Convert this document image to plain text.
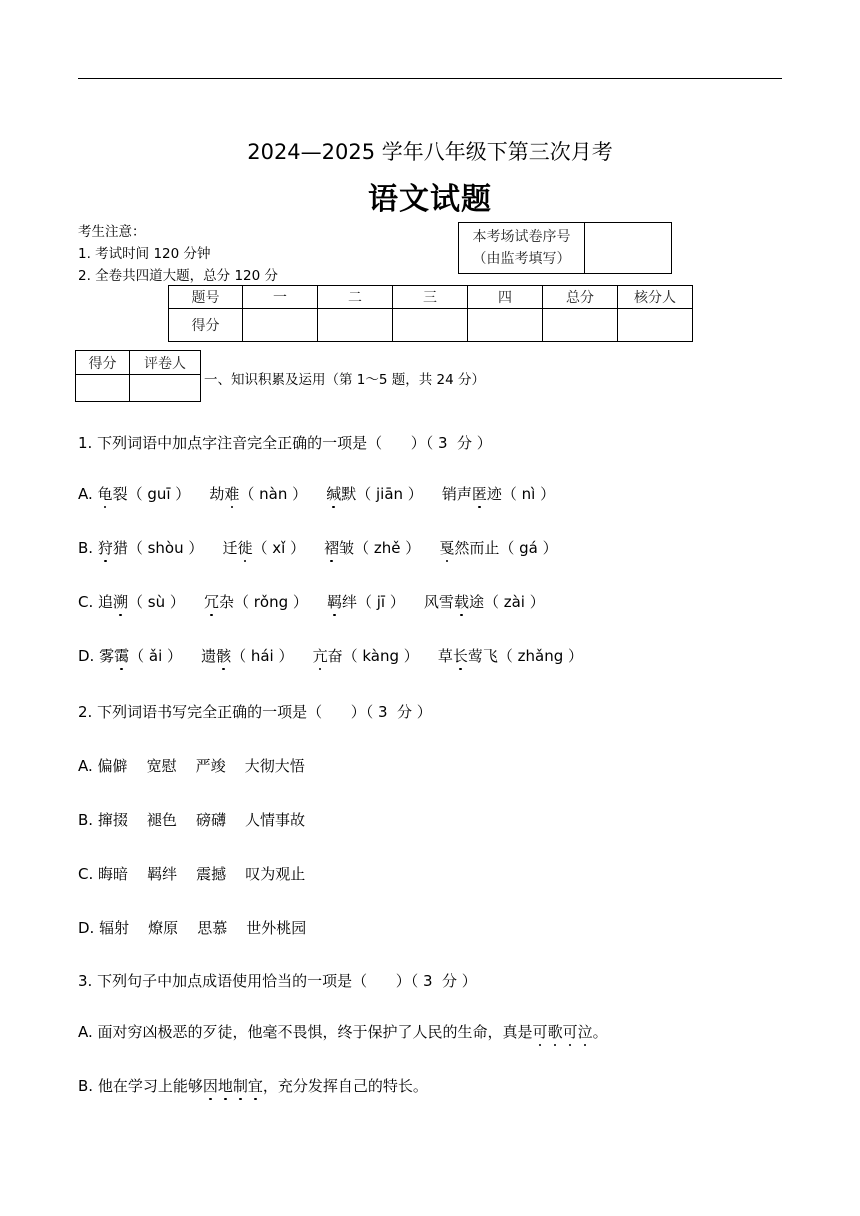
2024—2025 学年八年级下第三次月考
语文试题
考生注意：
1. 考试时间 120 分钟
2. 全卷共四道大题，总分 120 分
本考场试卷序号
（由监考填写）

题号	一	二	三	四	总分	核分人
得分						
得分	评卷人

一、知识积累及运用（第 1～5 题，共 24 分）
1. 下列词语中加点字注音完全正确的一项是（      ）（ 3  分 ）
A. 龟裂（ guī ）    劫难（ nàn ）    缄默（ jiān ）    销声匿迹（ nì ）
B. 狩猎（ shòu ）    迁徙（ xǐ ）    褶皱（ zhě ）    戛然而止（ gá ）
C. 追溯（ sù ）    冗杂（ rǒng ）    羁绊（ jī ）    风雪载途（ zài ）
D. 雾霭（ ǎi ）    遗骸（ hái ）    亢奋（ kàng ）    草长莺飞（ zhǎng ）
2. 下列词语书写完全正确的一项是（      ）（ 3  分 ）
A. 偏僻    宽慰    严竣    大彻大悟
B. 撺掇    褪色    磅礴    人情事故
C. 晦暗    羁绊    震撼    叹为观止
D. 辐射    燎原    思慕    世外桃园
3. 下列句子中加点成语使用恰当的一项是（      ）（ 3  分 ）
A. 面对穷凶极恶的歹徒，他毫不畏惧，终于保护了人民的生命，真是可歌可泣。
B. 他在学习上能够因地制宜，充分发挥自己的特长。
